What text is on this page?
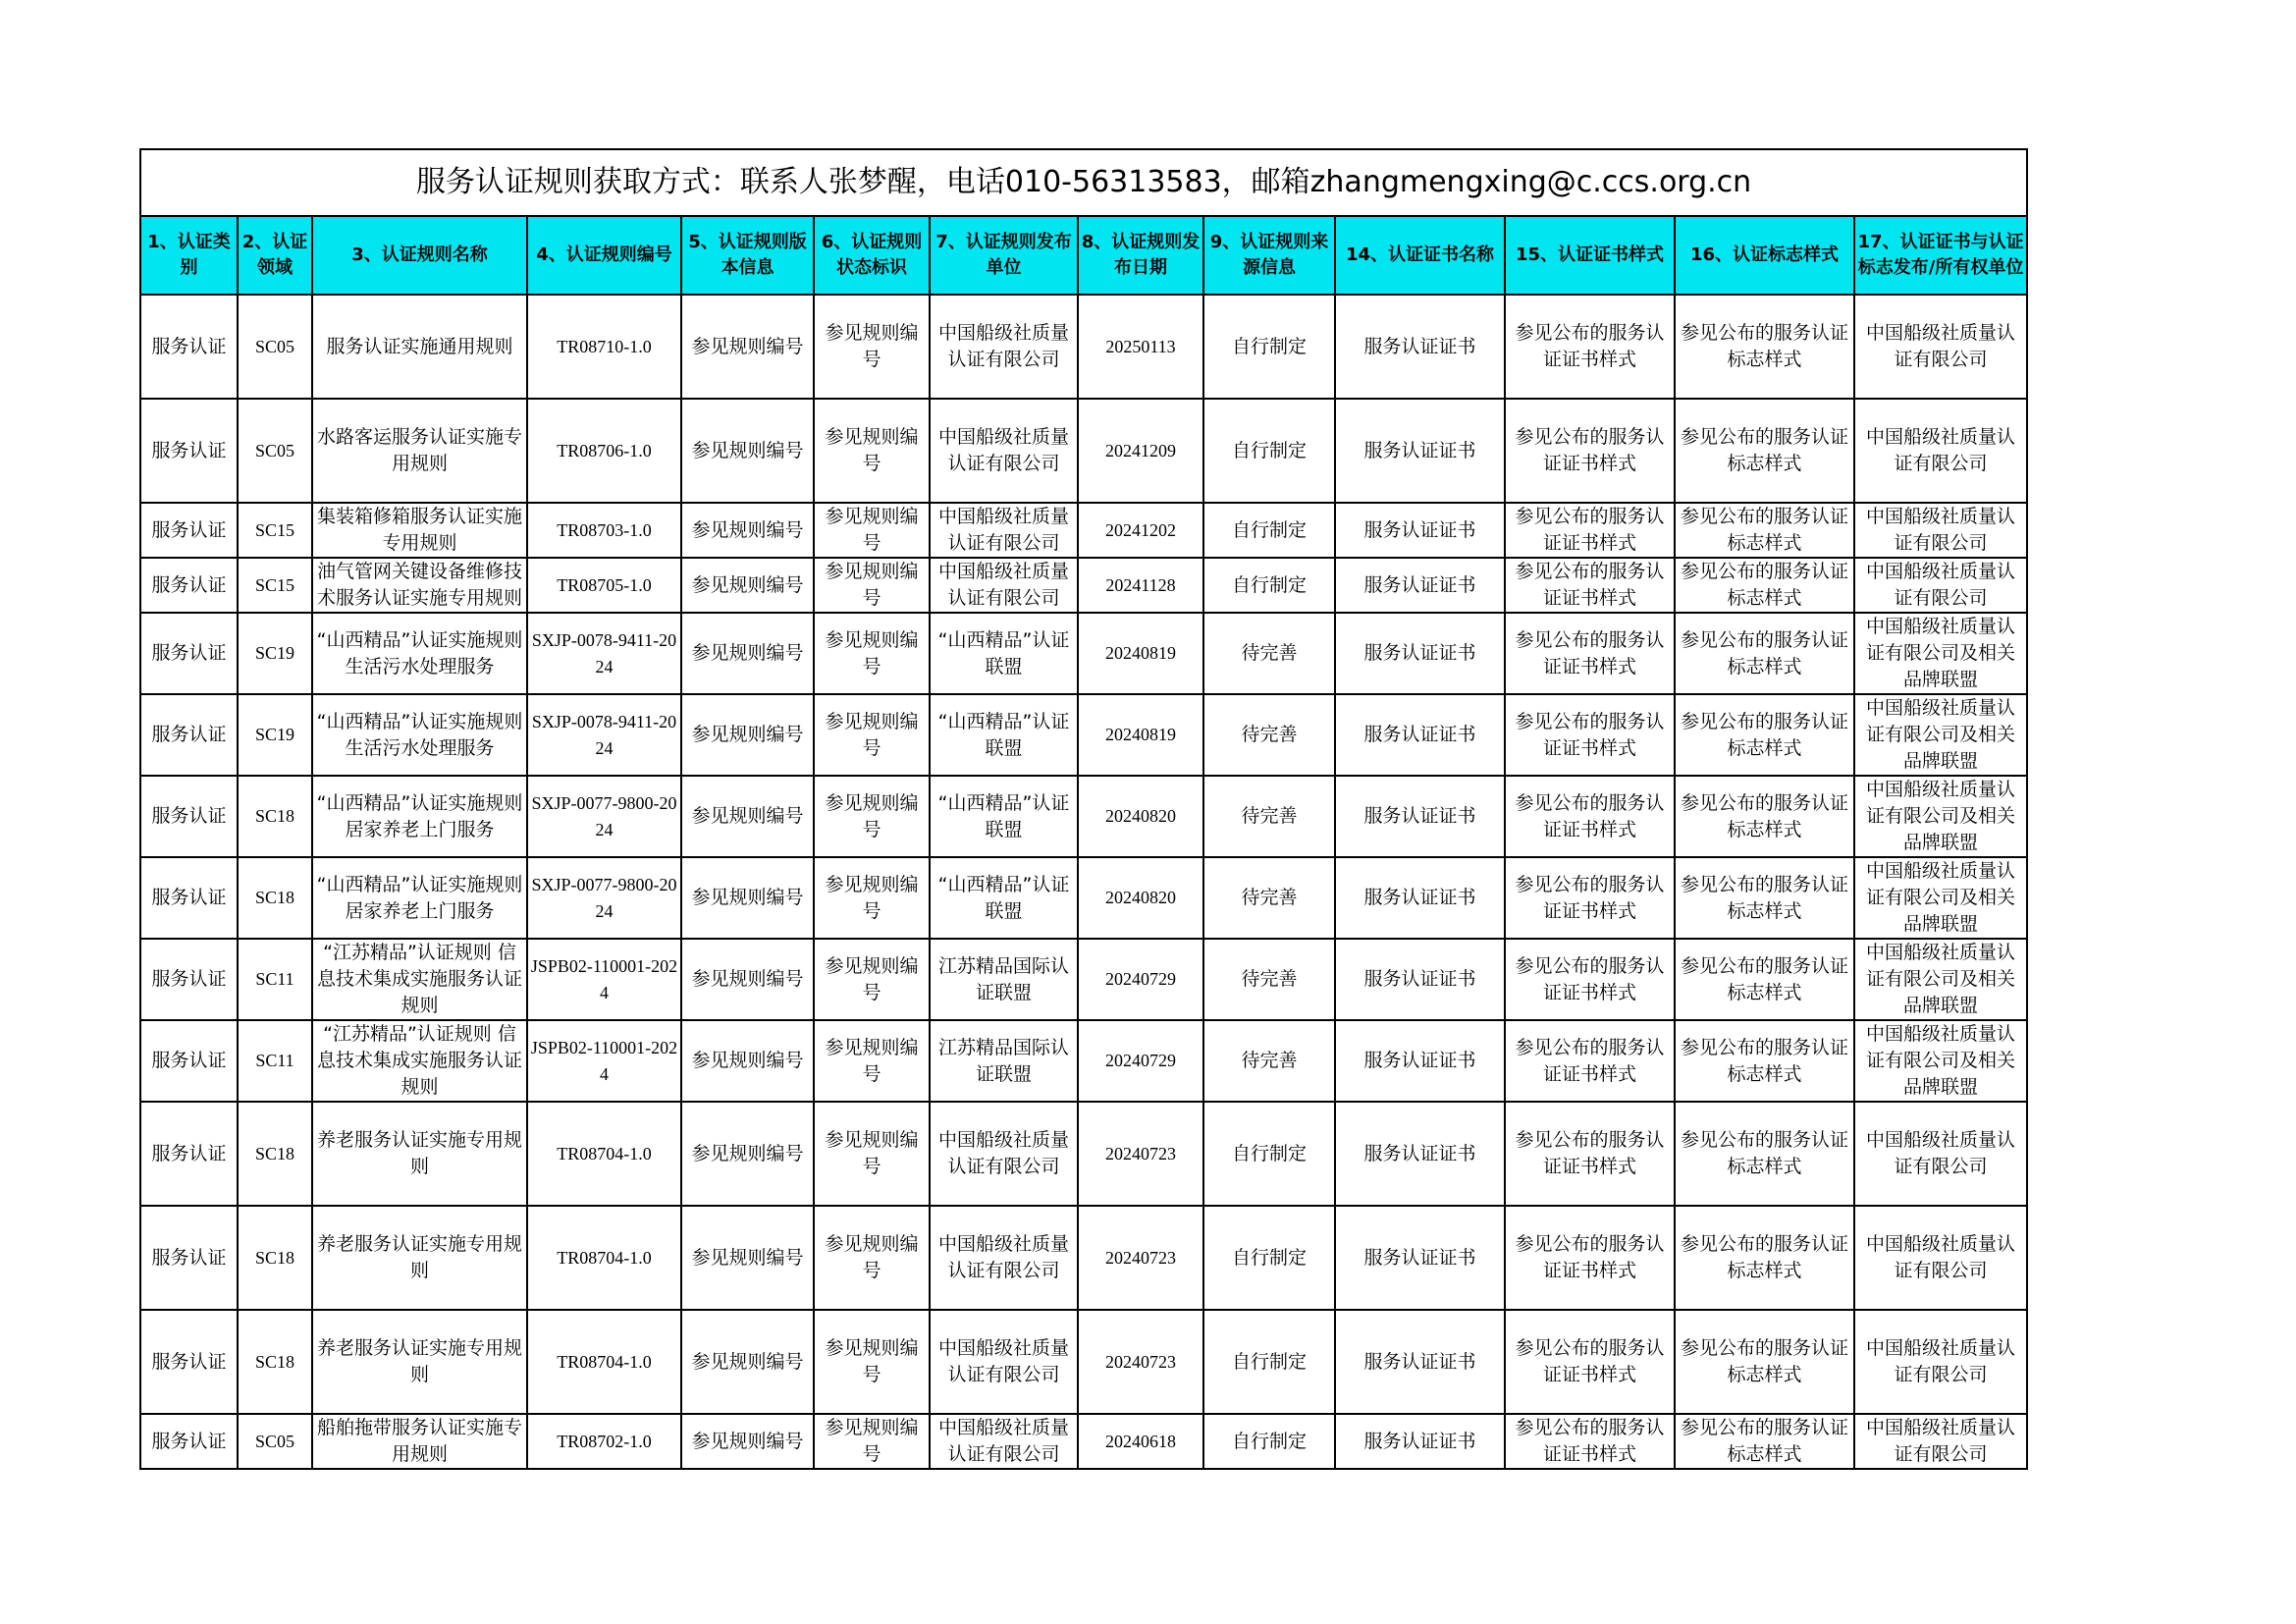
服务认证规则获取方式：联系人张梦醒，电话010-56313583，邮箱zhangmengxing@c.ccs.org.cn												
1、认证类别	2、认证领域	3、认证规则名称	4、认证规则编号	5、认证规则版本信息	6、认证规则状态标识	7、认证规则发布单位	8、认证规则发布日期	9、认证规则来源信息	14、认证证书名称	15、认证证书样式	16、认证标志样式	17、认证证书与认证标志发布/所有权单位
服务认证	SC05	服务认证实施通用规则	TR08710-1.0	参见规则编号	参见规则编号	中国船级社质量认证有限公司	20250113	自行制定	服务认证证书	参见公布的服务认证证书样式	参见公布的服务认证标志样式	中国船级社质量认证有限公司
服务认证	SC05	水路客运服务认证实施专用规则	TR08706-1.0	参见规则编号	参见规则编号	中国船级社质量认证有限公司	20241209	自行制定	服务认证证书	参见公布的服务认证证书样式	参见公布的服务认证标志样式	中国船级社质量认证有限公司
服务认证	SC15	集装箱修箱服务认证实施专用规则	TR08703-1.0	参见规则编号	参见规则编号	中国船级社质量认证有限公司	20241202	自行制定	服务认证证书	参见公布的服务认证证书样式	参见公布的服务认证标志样式	中国船级社质量认证有限公司
服务认证	SC15	油气管网关键设备维修技术服务认证实施专用规则	TR08705-1.0	参见规则编号	参见规则编号	中国船级社质量认证有限公司	20241128	自行制定	服务认证证书	参见公布的服务认证证书样式	参见公布的服务认证标志样式	中国船级社质量认证有限公司
服务认证	SC19	“山西精品”认证实施规则 生活污水处理服务	SXJP-0078-9411-2024	参见规则编号	参见规则编号	“山西精品”认证联盟	20240819	待完善	服务认证证书	参见公布的服务认证证书样式	参见公布的服务认证标志样式	中国船级社质量认证有限公司及相关品牌联盟
服务认证	SC19	“山西精品”认证实施规则 生活污水处理服务	SXJP-0078-9411-2024	参见规则编号	参见规则编号	“山西精品”认证联盟	20240819	待完善	服务认证证书	参见公布的服务认证证书样式	参见公布的服务认证标志样式	中国船级社质量认证有限公司及相关品牌联盟
服务认证	SC18	“山西精品”认证实施规则 居家养老上门服务	SXJP-0077-9800-2024	参见规则编号	参见规则编号	“山西精品”认证联盟	20240820	待完善	服务认证证书	参见公布的服务认证证书样式	参见公布的服务认证标志样式	中国船级社质量认证有限公司及相关品牌联盟
服务认证	SC18	“山西精品”认证实施规则 居家养老上门服务	SXJP-0077-9800-2024	参见规则编号	参见规则编号	“山西精品”认证联盟	20240820	待完善	服务认证证书	参见公布的服务认证证书样式	参见公布的服务认证标志样式	中国船级社质量认证有限公司及相关品牌联盟
服务认证	SC11	“江苏精品”认证规则 信息技术集成实施服务认证规则	JSPB02-110001-2024	参见规则编号	参见规则编号	江苏精品国际认证联盟	20240729	待完善	服务认证证书	参见公布的服务认证证书样式	参见公布的服务认证标志样式	中国船级社质量认证有限公司及相关品牌联盟
服务认证	SC11	“江苏精品”认证规则 信息技术集成实施服务认证规则	JSPB02-110001-2024	参见规则编号	参见规则编号	江苏精品国际认证联盟	20240729	待完善	服务认证证书	参见公布的服务认证证书样式	参见公布的服务认证标志样式	中国船级社质量认证有限公司及相关品牌联盟
服务认证	SC18	养老服务认证实施专用规则	TR08704-1.0	参见规则编号	参见规则编号	中国船级社质量认证有限公司	20240723	自行制定	服务认证证书	参见公布的服务认证证书样式	参见公布的服务认证标志样式	中国船级社质量认证有限公司
服务认证	SC18	养老服务认证实施专用规则	TR08704-1.0	参见规则编号	参见规则编号	中国船级社质量认证有限公司	20240723	自行制定	服务认证证书	参见公布的服务认证证书样式	参见公布的服务认证标志样式	中国船级社质量认证有限公司
服务认证	SC18	养老服务认证实施专用规则	TR08704-1.0	参见规则编号	参见规则编号	中国船级社质量认证有限公司	20240723	自行制定	服务认证证书	参见公布的服务认证证书样式	参见公布的服务认证标志样式	中国船级社质量认证有限公司
服务认证	SC05	船舶拖带服务认证实施专用规则	TR08702-1.0	参见规则编号	参见规则编号	中国船级社质量认证有限公司	20240618	自行制定	服务认证证书	参见公布的服务认证证书样式	参见公布的服务认证标志样式	中国船级社质量认证有限公司
